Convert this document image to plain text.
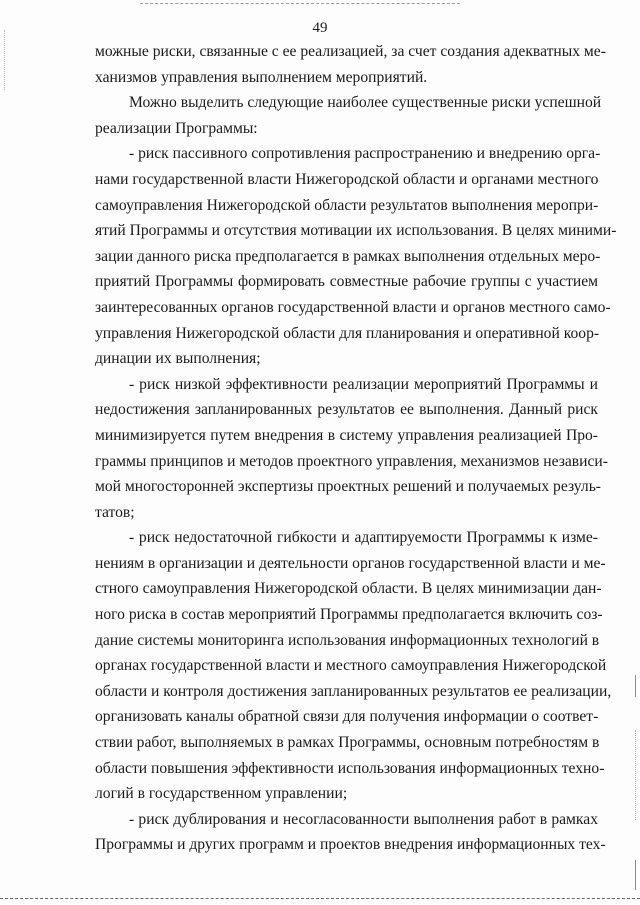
49
можные риски, связанные с ее реализацией, за счет создания адекватных ме-
ханизмов управления выполнением мероприятий.
Можно выделить следующие наиболее существенные риски успешной
реализации Программы:
- риск пассивного сопротивления распространению и внедрению орга-
нами государственной власти Нижегородской области и органами местного
самоуправления Нижегородской области результатов выполнения меропри-
ятий Программы и отсутствия мотивации их использования. В целях миними-
зации данного риска предполагается в рамках выполнения отдельных меро-
приятий Программы формировать совместные рабочие группы с участием
заинтересованных органов государственной власти и органов местного само-
управления Нижегородской области для планирования и оперативной коор-
динации их выполнения;
- риск низкой эффективности реализации мероприятий Программы и
недостижения запланированных результатов ее выполнения. Данный риск
минимизируется путем внедрения в систему управления реализацией Про-
граммы принципов и методов проектного управления, механизмов независи-
мой многосторонней экспертизы проектных решений и получаемых резуль-
татов;
- риск недостаточной гибкости и адаптируемости Программы к изме-
нениям в организации и деятельности органов государственной власти и ме-
стного самоуправления Нижегородской области. В целях минимизации дан-
ного риска в состав мероприятий Программы предполагается включить соз-
дание системы мониторинга использования информационных технологий в
органах государственной власти и местного самоуправления Нижегородской
области и контроля достижения запланированных результатов ее реализации,
организовать каналы обратной связи для получения информации о соответ-
ствии работ, выполняемых в рамках Программы, основным потребностям в
области повышения эффективности использования информационных техно-
логий в государственном управлении;
- риск дублирования и несогласованности выполнения работ в рамках
Программы и других программ и проектов внедрения информационных тех-
